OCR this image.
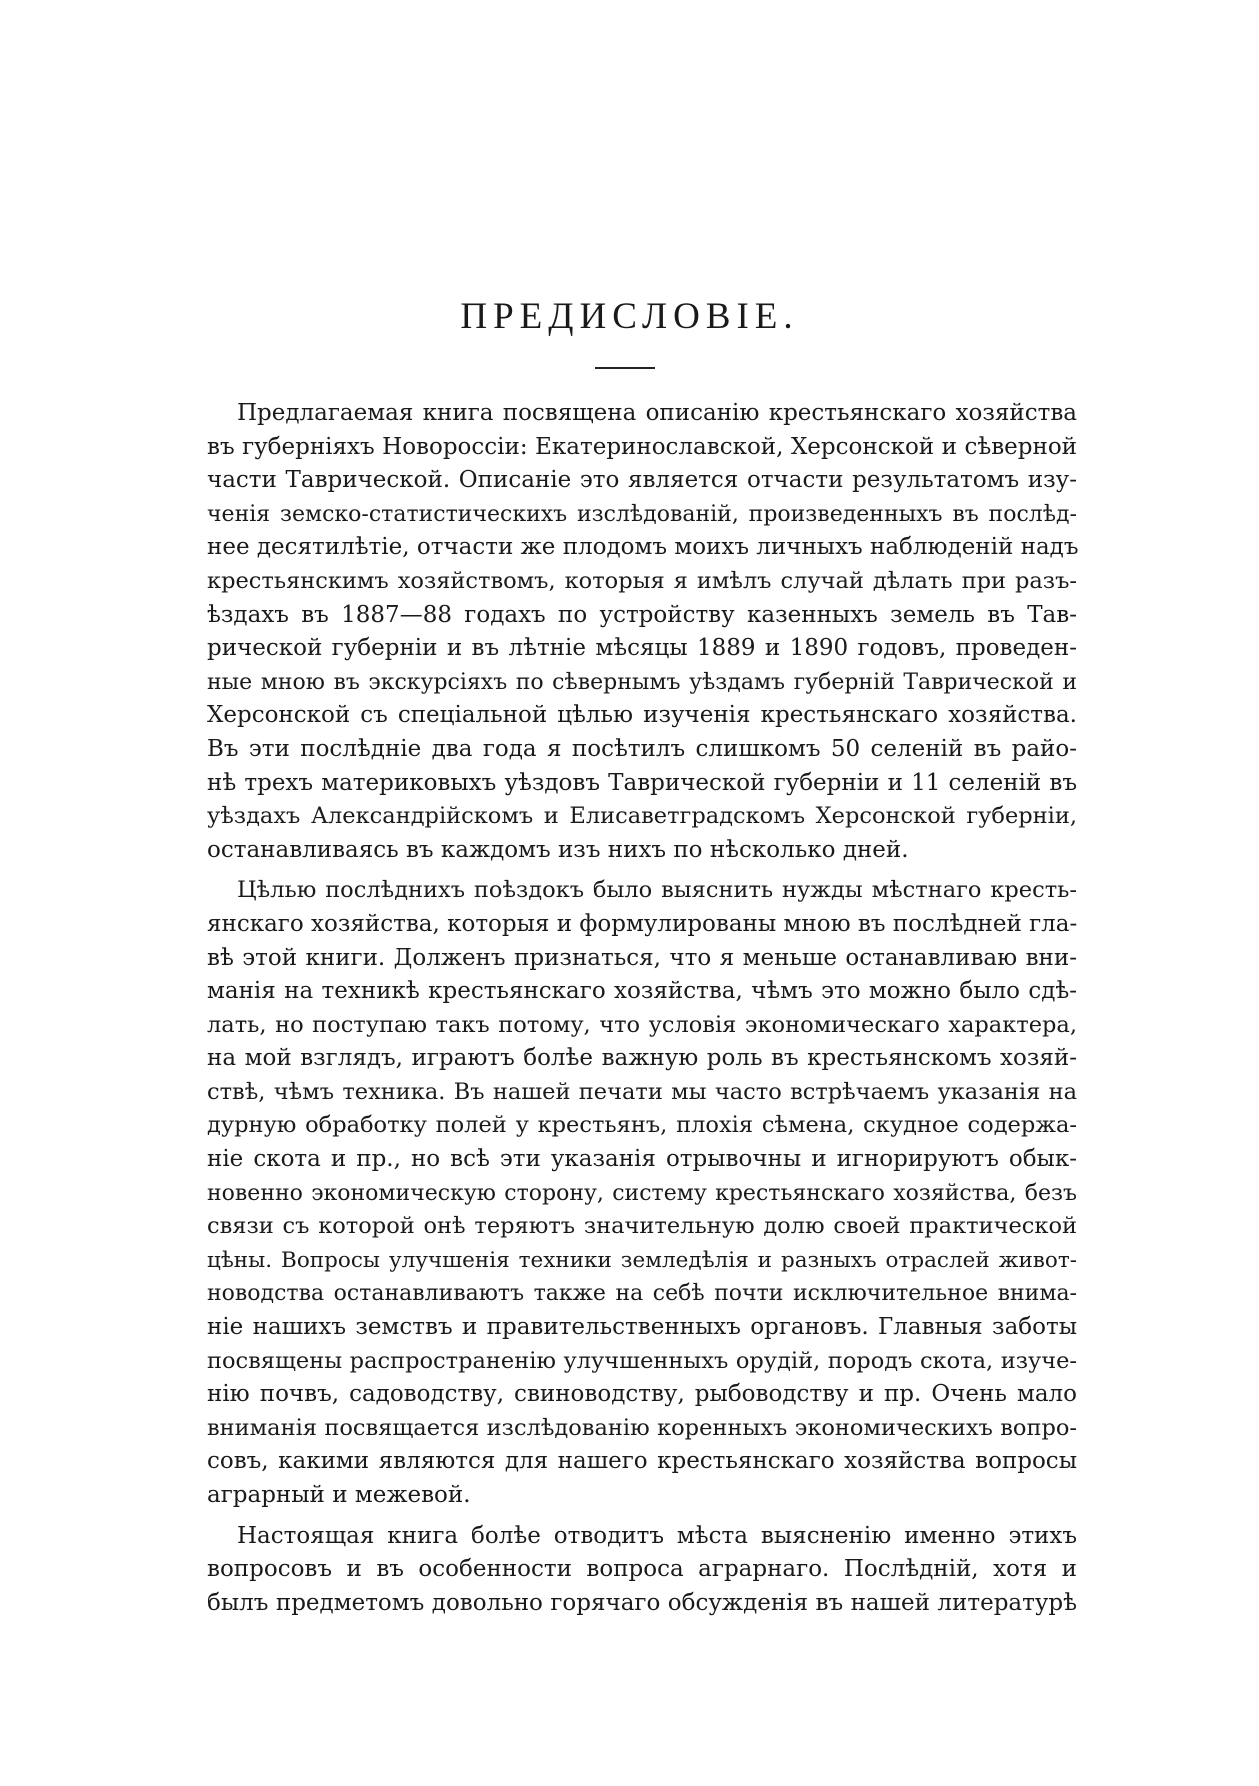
ПРЕДИСЛОВIЕ.
Предлагаемая книга посвящена описанiю крестьянскаго хозяйства
въ губернiяхъ Новороссiи: Екатеринославской, Херсонской и сѣверной
части Таврической. Описанiе это является отчасти результатомъ изу-
ченiя земско-статистическихъ изслѣдованiй, произведенныхъ въ послѣд-
нее десятилѣтiе, отчасти же плодомъ моихъ личныхъ наблюденiй надъ
крестьянскимъ хозяйствомъ, которыя я имѣлъ случай дѣлать при разъ-
ѣздахъ въ 1887—88 годахъ по устройству казенныхъ земель въ Тав-
рической губернiи и въ лѣтнiе мѣсяцы 1889 и 1890 годовъ, проведен-
ные мною въ экскурсiяхъ по сѣвернымъ уѣздамъ губернiй Таврической и
Херсонской съ спецiальной цѣлью изученiя крестьянскаго хозяйства.
Въ эти послѣднiе два года я посѣтилъ слишкомъ 50 селенiй въ райо-
нѣ трехъ материковыхъ уѣздовъ Таврической губернiи и 11 селенiй въ
уѣздахъ Александрiйскомъ и Елисаветградскомъ Херсонской губернiи,
останавливаясь въ каждомъ изъ нихъ по нѣсколько дней.
Цѣлью послѣднихъ поѣздокъ было выяснить нужды мѣстнаго кресть-
янскаго хозяйства, которыя и формулированы мною въ послѣдней гла-
вѣ этой книги. Долженъ признаться, что я меньше останавливаю вни-
манiя на техникѣ крестьянскаго хозяйства, чѣмъ это можно было сдѣ-
лать, но поступаю такъ потому, что условiя экономическаго характера,
на мой взглядъ, играютъ болѣе важную роль въ крестьянскомъ хозяй-
ствѣ, чѣмъ техника. Въ нашей печати мы часто встрѣчаемъ указанiя на
дурную обработку полей у крестьянъ, плохiя сѣмена, скудное содержа-
нiе скота и пр., но всѣ эти указанiя отрывочны и игнорируютъ обык-
новенно экономическую сторону, систему крестьянскаго хозяйства, безъ
связи съ которой онѣ теряютъ значительную долю своей практической
цѣны. Вопросы улучшенiя техники земледѣлiя и разныхъ отраслей живот-
новодства останавливаютъ также на себѣ почти исключительное внима-
нiе нашихъ земствъ и правительственныхъ органовъ. Главныя заботы
посвящены распространенiю улучшенныхъ орудiй, породъ скота, изуче-
нiю почвъ, садоводству, свиноводству, рыбоводству и пр. Очень мало
вниманiя посвящается изслѣдованiю коренныхъ экономическихъ вопро-
совъ, какими являются для нашего крестьянскаго хозяйства вопросы
аграрный и межевой.
Настоящая книга болѣе отводитъ мѣста выясненiю именно этихъ
вопросовъ и въ особенности вопроса аграрнаго. Послѣднiй, хотя и
былъ предметомъ довольно горячаго обсужденiя въ нашей литературѣ
